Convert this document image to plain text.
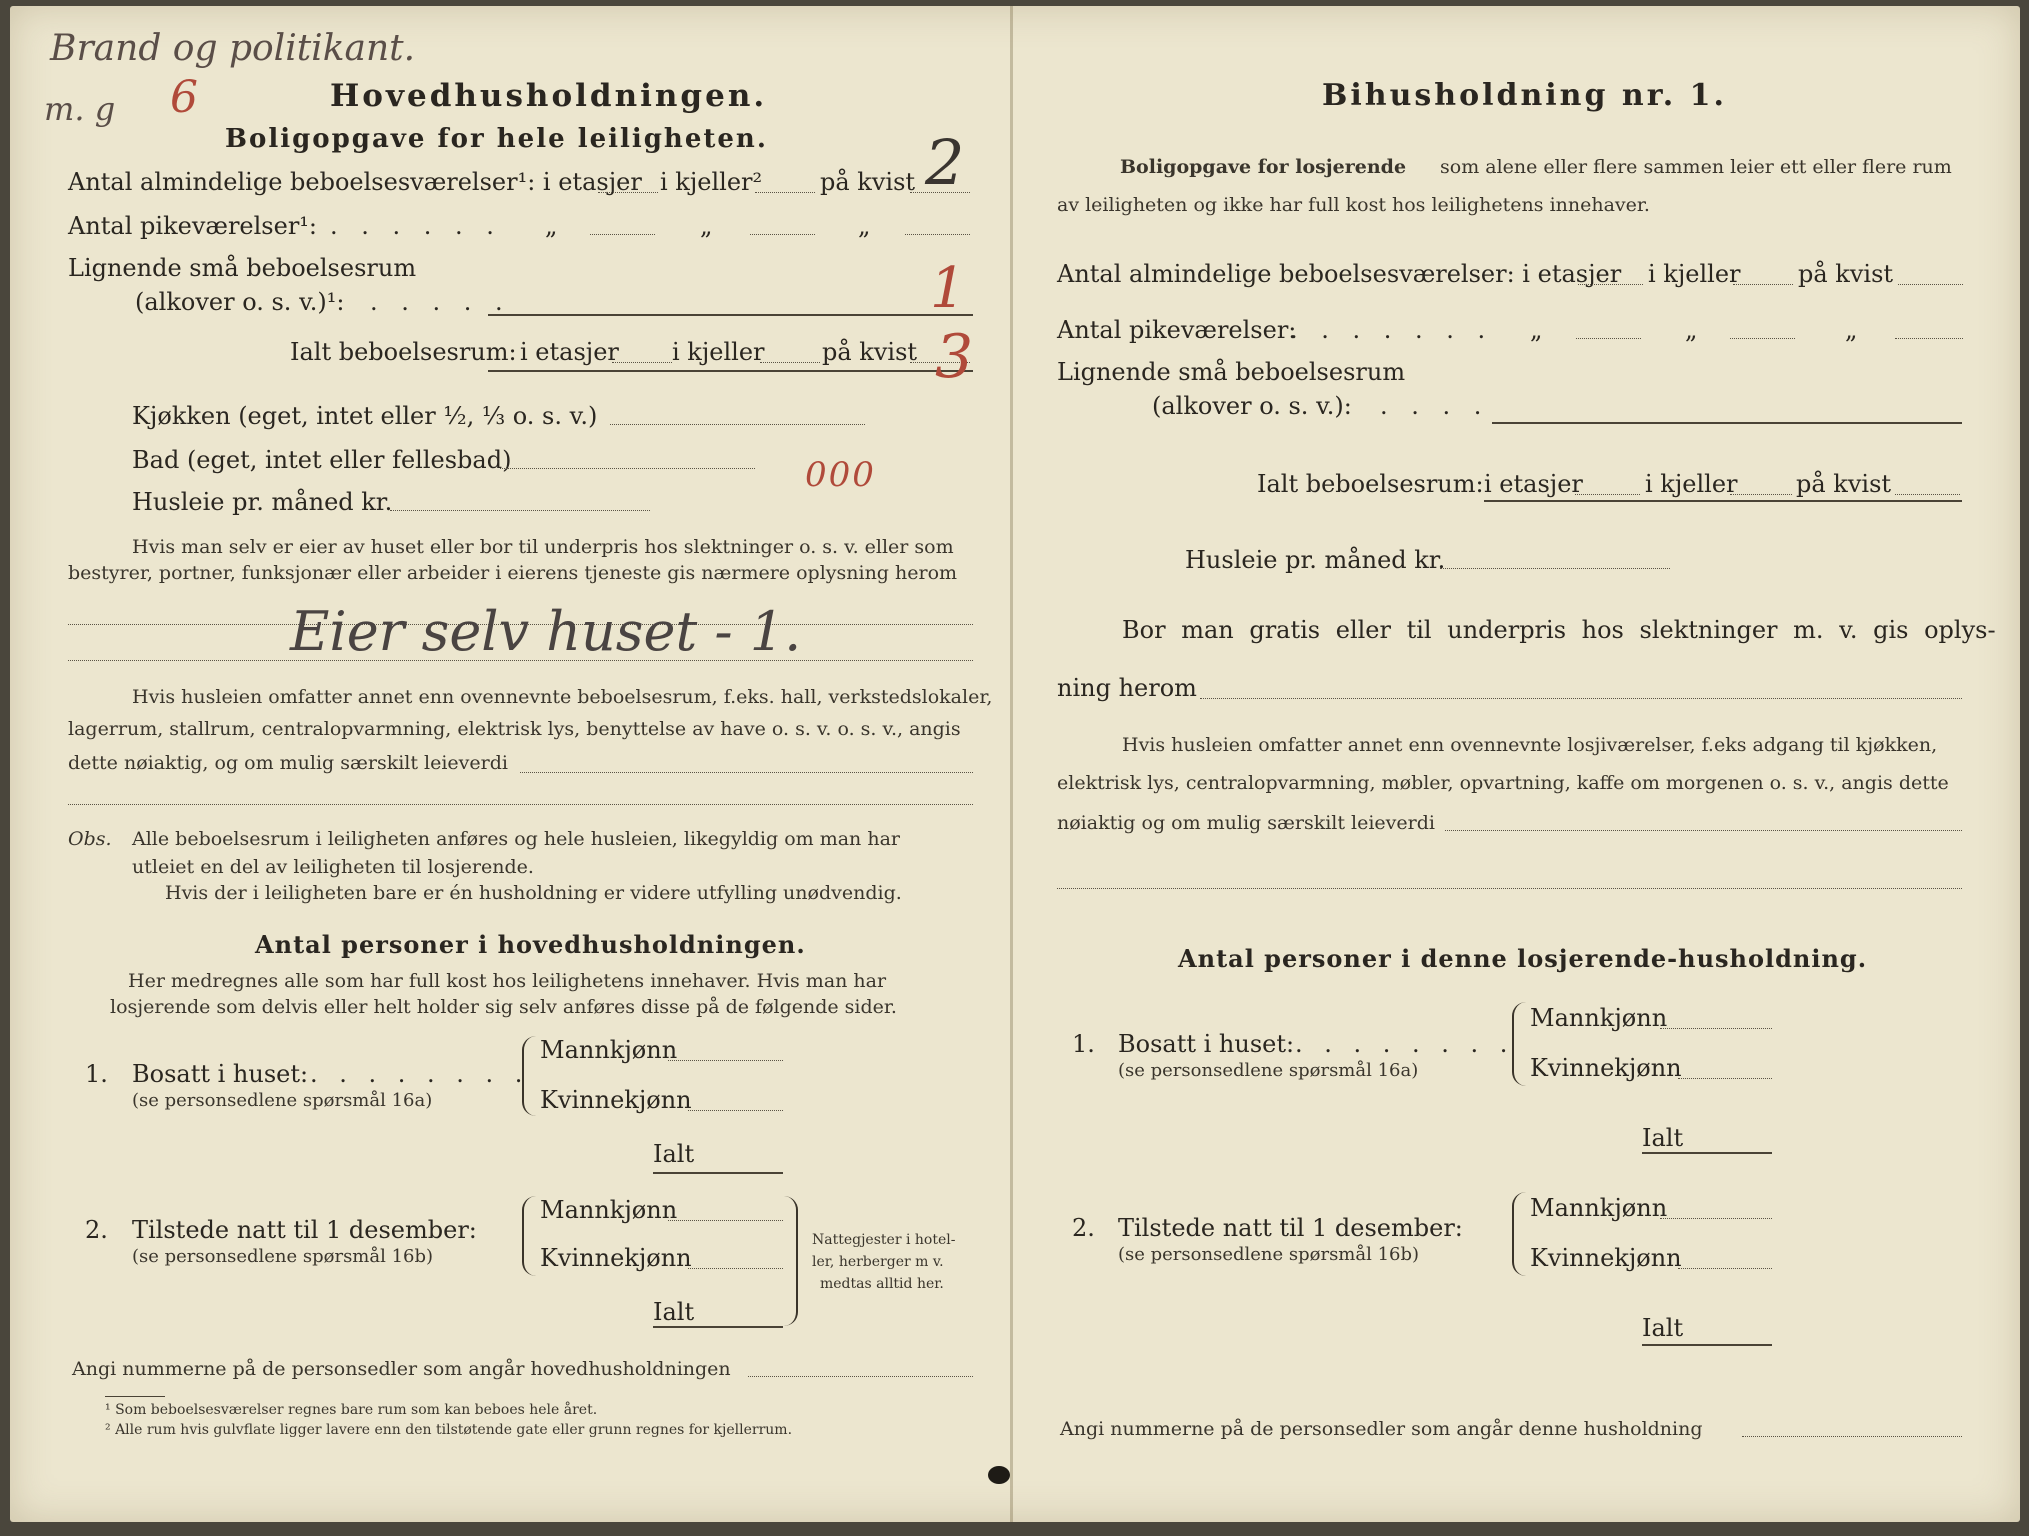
Brand og politikant.
m. g 6	Hovedhusholdningen.
Boligopgave for hele leiligheten.
Antal almindelige beboelsesværelser¹: i etasjer i kjeller² på kvist 2
Antal pikeværelser¹: . . . . . . „	„	„
Lignende små beboelsesrum
(alkover o. s. v.)¹: . . . . .	1
Ialt beboelsesrum: i etasjer i kjeller på kvist 3
Kjøkken (eget, intet eller ½, ⅓ o. s. v.)
Bad (eget, intet eller fellesbad)
Husleie pr. måned kr.
000
Hvis man selv er eier av huset eller bor til underpris hos slektninger o. s. v. eller som
bestyrer, portner, funksjonær eller arbeider i eierens tjeneste gis nærmere oplysning herom
Eier selv huset - 1.
Hvis husleien omfatter annet enn ovennevnte beboelsesrum, f.eks. hall, verkstedslokaler,
lagerrum, stallrum, centralopvarmning, elektrisk lys, benyttelse av have o. s. v. o. s. v., angis
dette nøiaktig, og om mulig særskilt leieverdi
Obs. Alle beboelsesrum i leiligheten anføres og hele husleien, likegyldig om man har
utleiet en del av leiligheten til losjerende.
Hvis der i leiligheten bare er én husholdning er videre utfylling unødvendig.
Antal personer i hovedhusholdningen.
Her medregnes alle som har full kost hos leilighetens innehaver. Hvis man har
losjerende som delvis eller helt holder sig selv anføres disse på de følgende sider.
1. Bosatt i huset: . . . . . . . .
(se personsedlene spørsmål 16a)
Mannkjønn
Kvinnekjønn
Ialt
2. Tilstede natt til 1 desember:
(se personsedlene spørsmål 16b)
Mannkjønn
Kvinnekjønn
Ialt
Nattegjester i hotel-
ler, herberger m v.
medtas alltid her.
Angi nummerne på de personsedler som angår hovedhusholdningen
¹ Som beboelsesværelser regnes bare rum som kan beboes hele året.
² Alle rum hvis gulvflate ligger lavere enn den tilstøtende gate eller grunn regnes for kjellerrum.
Bihusholdning nr. 1.
Boligopgave for losjerende som alene eller flere sammen leier ett eller flere rum
av leiligheten og ikke har full kost hos leilighetens innehaver.
Antal almindelige beboelsesværelser: i etasjer i kjeller på kvist
Antal pikeværelser:
. . . . . . . „	„	„
Lignende små beboelsesrum
(alkover o. s. v.): . . . .
Ialt beboelsesrum: i etasjer	i kjeller på kvist
Husleie pr. måned kr.
Bor man gratis eller til underpris hos slektninger m. v. gis oplys-
ning herom
Hvis husleien omfatter annet enn ovennevnte losjiværelser, f.eks adgang til kjøkken,
elektrisk lys, centralopvarmning, møbler, opvartning, kaffe om morgenen o. s. v., angis dette
nøiaktig og om mulig særskilt leieverdi
Antal personer i denne losjerende-husholdning.
1. Bosatt i huset: . . . . . . . .
(se personsedlene spørsmål 16a)
Mannkjønn
Kvinnekjønn
Ialt
2. Tilstede natt til 1 desember:
(se personsedlene spørsmål 16b)
Mannkjønn
Kvinnekjønn
Ialt
Angi nummerne på de personsedler som angår denne husholdning
